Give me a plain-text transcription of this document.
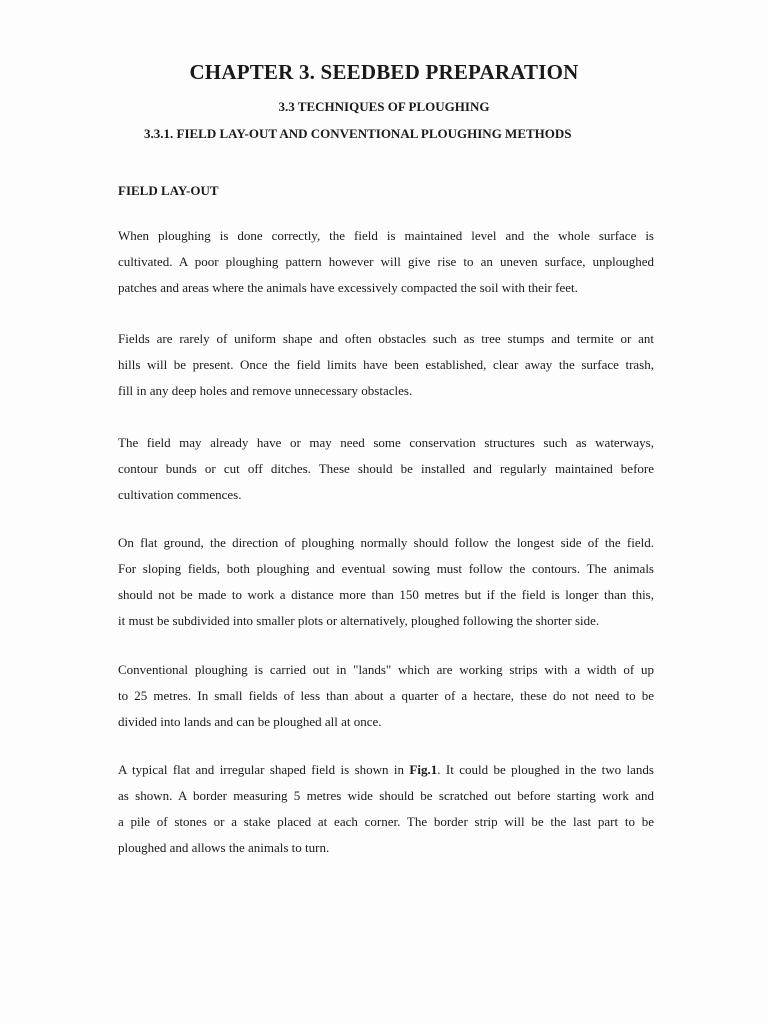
CHAPTER 3. SEEDBED PREPARATION
3.3 TECHNIQUES OF PLOUGHING
3.3.1. FIELD LAY-OUT AND CONVENTIONAL PLOUGHING METHODS
FIELD LAY-OUT
When ploughing is done correctly, the field is maintained level and the whole surface is
cultivated. A poor ploughing pattern however will give rise to an uneven surface, unploughed
patches and areas where the animals have excessively compacted the soil with their feet.
Fields are rarely of uniform shape and often obstacles such as tree stumps and termite or ant
hills will be present. Once the field limits have been established, clear away the surface trash,
fill in any deep holes and remove unnecessary obstacles.
The field may already have or may need some conservation structures such as waterways,
contour bunds or cut off ditches. These should be installed and regularly maintained before
cultivation commences.
On flat ground, the direction of ploughing normally should follow the longest side of the field.
For sloping fields, both ploughing and eventual sowing must follow the contours. The animals
should not be made to work a distance more than 150 metres but if the field is longer than this,
it must be subdivided into smaller plots or alternatively, ploughed following the shorter side.
Conventional ploughing is carried out in "lands" which are working strips with a width of up
to 25 metres. In small fields of less than about a quarter of a hectare, these do not need to be
divided into lands and can be ploughed all at once.
A typical flat and irregular shaped field is shown in Fig.1. It could be ploughed in the two lands
as shown. A border measuring 5 metres wide should be scratched out before starting work and
a pile of stones or a stake placed at each corner. The border strip will be the last part to be
ploughed and allows the animals to turn.
